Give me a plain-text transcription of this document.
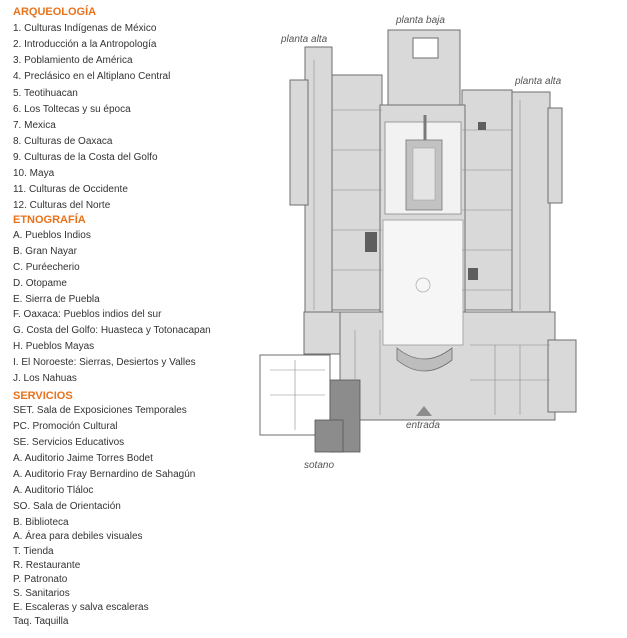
ARQUEOLOGÍA
1. Culturas Indígenas de México
2. Introducción a la Antropología
3. Poblamiento de América
4. Preclásico en el Altiplano Central
5. Teotihuacan
6. Los Toltecas y su época
7. Mexica
8. Culturas de Oaxaca
9. Culturas de la Costa del Golfo
10. Maya
11. Culturas de Occidente
12. Culturas del Norte
ETNOGRAFÍA
A. Pueblos Indios
B. Gran Nayar
C. Puréecherio
D. Otopame
E. Sierra de Puebla
F. Oaxaca: Pueblos indios del sur
G. Costa del Golfo: Huasteca y Totonacapan
H. Pueblos Mayas
I. El Noroeste: Sierras, Desiertos y Valles
J. Los Nahuas
SERVICIOS
SET. Sala de Exposiciones Temporales
PC. Promoción Cultural
SE. Servicios Educativos
A. Auditorio Jaime Torres Bodet
A. Auditorio Fray Bernardino de Sahagún
A. Auditorio Tláloc
SO. Sala de Orientación
B. Biblioteca
A. Área para debiles visuales
T. Tienda
R. Restaurante
P. Patronato
S. Sanitarios
E. Escaleras y salva escaleras
Taq. Taquilla
planta alta
planta baja
planta alta
entrada
sotano
